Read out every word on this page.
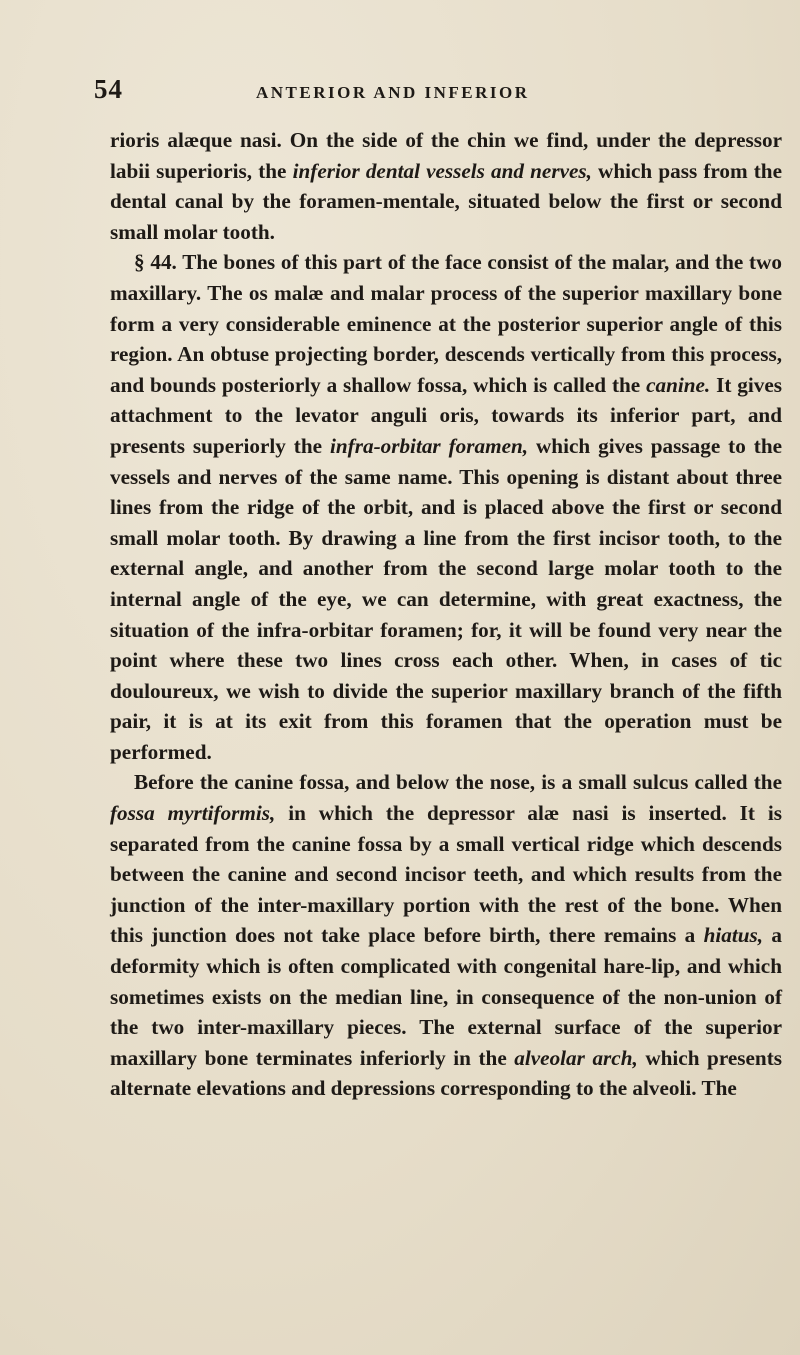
54	ANTERIOR AND INFERIOR

rioris alæque nasi. On the side of the chin we find, under the depressor labii superioris, the inferior dental vessels and nerves, which pass from the dental canal by the foramen-mentale, situated below the first or second small molar tooth.

§ 44. The bones of this part of the face consist of the malar, and the two maxillary. The os malæ and malar process of the superior maxillary bone form a very considerable eminence at the posterior superior angle of this region. An obtuse projecting border, descends vertically from this process, and bounds posteriorly a shallow fossa, which is called the canine. It gives attachment to the levator anguli oris, towards its inferior part, and presents superiorly the infra-orbitar foramen, which gives passage to the vessels and nerves of the same name. This opening is distant about three lines from the ridge of the orbit, and is placed above the first or second small molar tooth. By drawing a line from the first incisor tooth, to the external angle, and another from the second large molar tooth to the internal angle of the eye, we can determine, with great exactness, the situation of the infra-orbitar foramen; for, it will be found very near the point where these two lines cross each other. When, in cases of tic douloureux, we wish to divide the superior maxillary branch of the fifth pair, it is at its exit from this foramen that the operation must be performed.

Before the canine fossa, and below the nose, is a small sulcus called the fossa myrtiformis, in which the depressor alæ nasi is inserted. It is separated from the canine fossa by a small vertical ridge which descends between the canine and second incisor teeth, and which results from the junction of the inter-maxillary portion with the rest of the bone. When this junction does not take place before birth, there remains a hiatus, a deformity which is often complicated with congenital hare-lip, and which sometimes exists on the median line, in consequence of the non-union of the two inter-maxillary pieces. The external surface of the superior maxillary bone terminates inferiorly in the alveolar arch, which presents alternate elevations and depressions corresponding to the alveoli. The
